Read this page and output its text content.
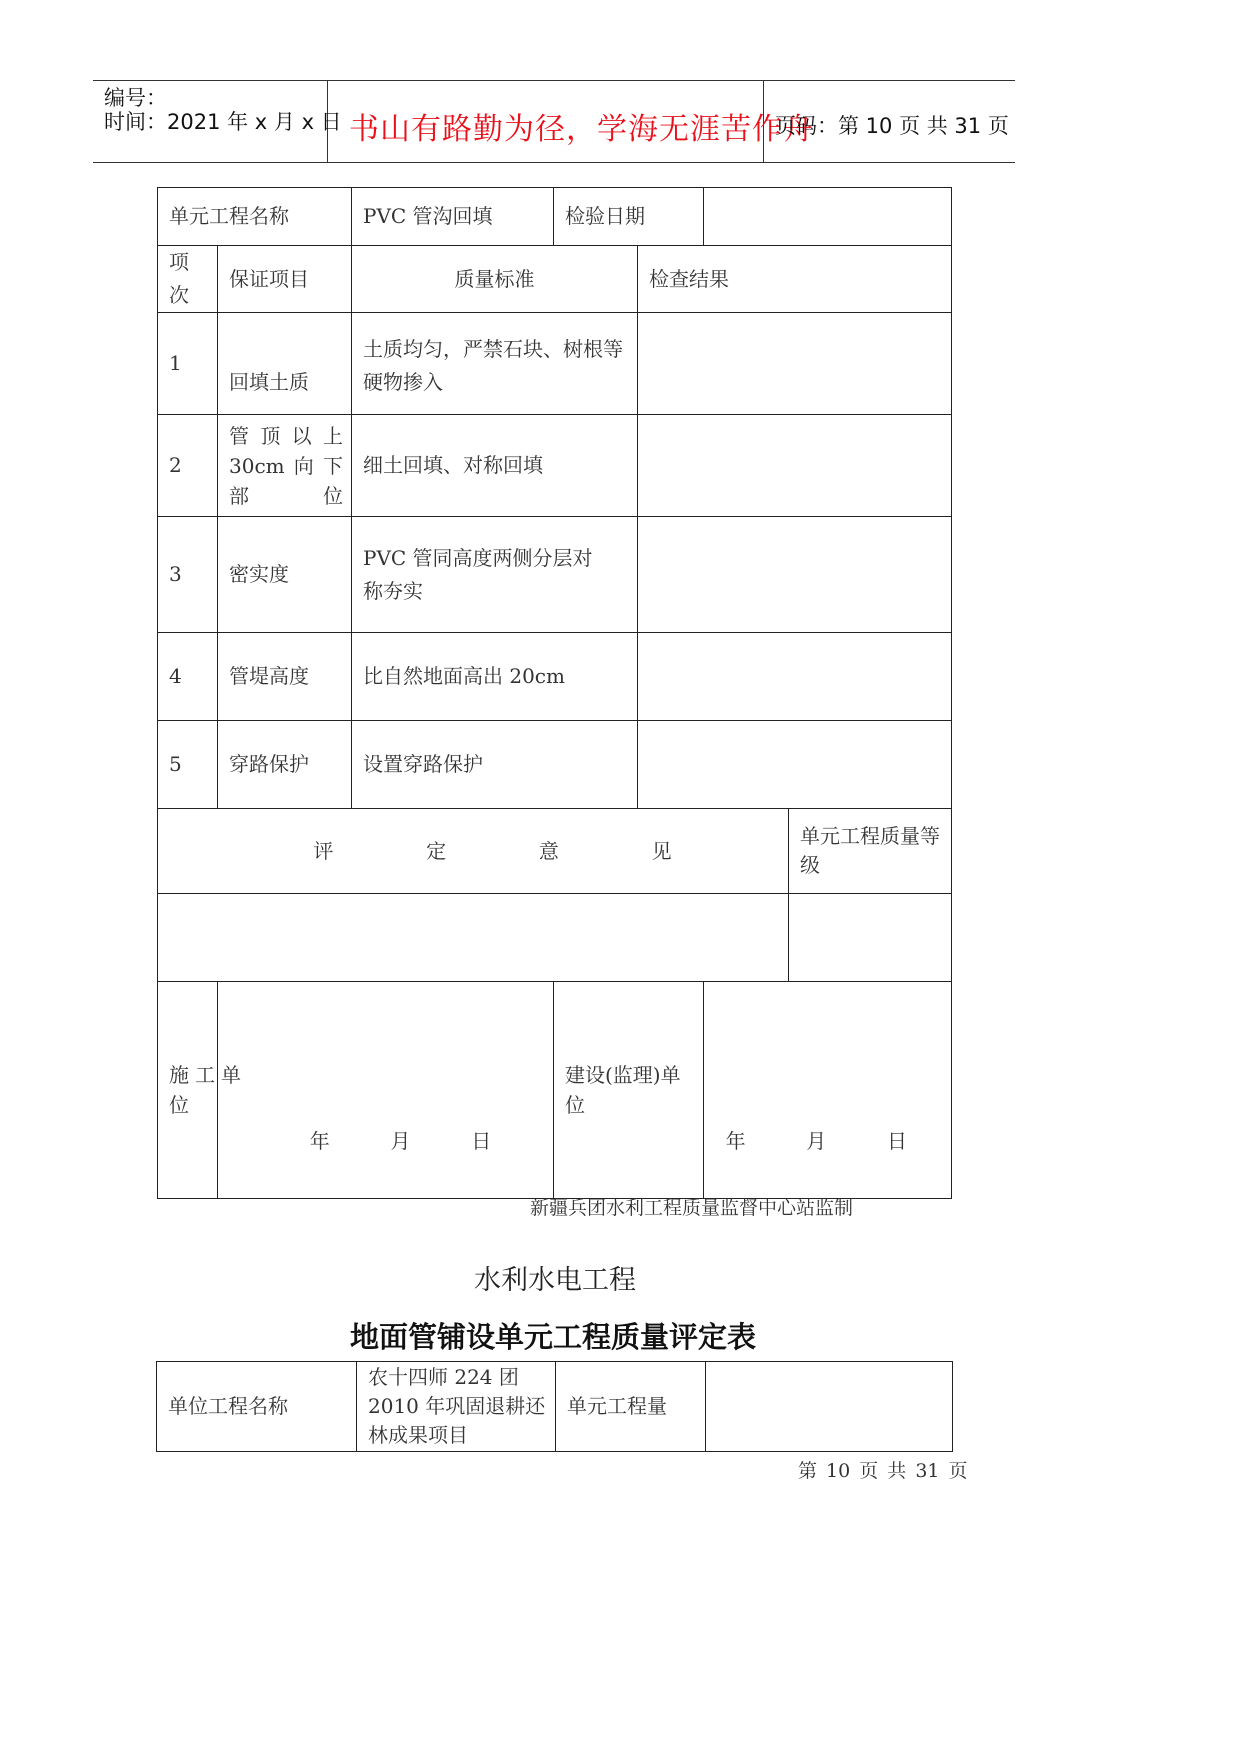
编号：
时间：2021 年 x 月 x 日 书山有路勤为径，学海无涯苦作舟
页码：第 10 页 共 31 页
单元工程名称		PVC 管沟回填	检验日期			
项次	保证项目	质量标准		检查结果		
1	回填土质	土质均匀，严禁石块、树根等硬物掺入				
2	管顶以上30cm向下部位	细土回填、对称回填				
3	密实度	PVC 管同高度两侧分层对称夯实				
4	管堤高度	比自然地面高出 20cm				
5	穿路保护	设置穿路保护				
评  定  意  见						单元工程质量等级

施工单位	年  月  日		建设(监理)单位		年  月  日	
新疆兵团水利工程质量监督中心站监制
水利水电工程
地面管铺设单元工程质量评定表
单位工程名称	农十四师 224 团 2010 年巩固退耕还林成果项目	单元工程量	
第 10 页 共 31 页
